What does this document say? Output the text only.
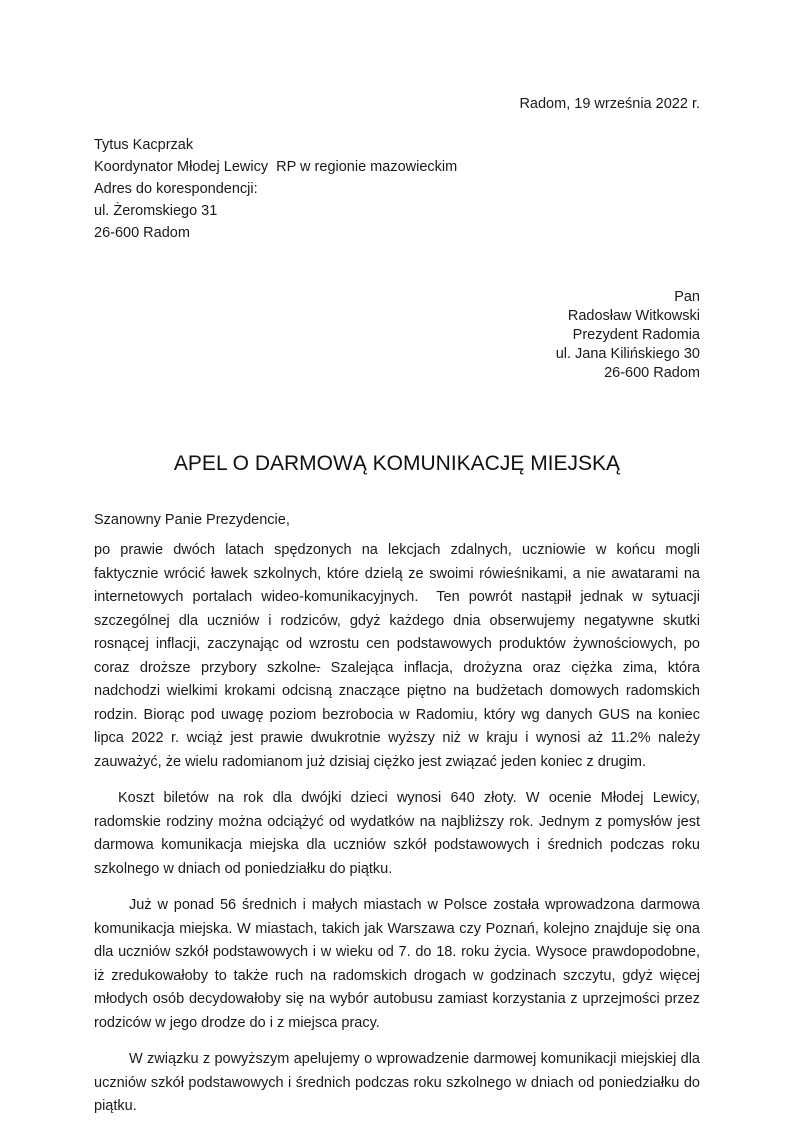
Radom, 19 września 2022 r.
Tytus Kacprzak
Koordynator Młodej Lewicy  RP w regionie mazowieckim
Adres do korespondencji:
ul. Żeromskiego 31
26-600 Radom
Pan
Radosław Witkowski
Prezydent Radomia
ul. Jana Kilińskiego 30
26-600 Radom
APEL O DARMOWĄ KOMUNIKACJĘ MIEJSKĄ
Szanowny Panie Prezydencie,

po prawie dwóch latach spędzonych na lekcjach zdalnych, uczniowie w końcu mogli faktycznie wrócić ławek szkolnych, które dzielą ze swoimi rówieśnikami, a nie awatarami na internetowych portalach wideo-komunikacyjnych.  Ten powrót nastąpił jednak w sytuacji szczególnej dla uczniów i rodziców, gdyż każdego dnia obserwujemy negatywne skutki rosnącej inflacji, zaczynając od wzrostu cen podstawowych produktów żywnościowych, po coraz droższe przybory szkolne. Szalejąca inflacja, drożyzna oraz ciężka zima, która nadchodzi wielkimi krokami odcisną znaczące piętno na budżetach domowych radomskich rodzin. Biorąc pod uwagę poziom bezrobocia w Radomiu, który wg danych GUS na koniec lipca 2022 r. wciąż jest prawie dwukrotnie wyższy niż w kraju i wynosi aż 11.2% należy zauważyć, że wielu radomianom już dzisiaj ciężko jest związać jeden koniec z drugim.

Koszt biletów na rok dla dwójki dzieci wynosi 640 złoty. W ocenie Młodej Lewicy, radomskie rodziny można odciążyć od wydatków na najbliższy rok. Jednym z pomysłów jest darmowa komunikacja miejska dla uczniów szkół podstawowych i średnich podczas roku szkolnego w dniach od poniedziałku do piątku.

Już w ponad 56 średnich i małych miastach w Polsce została wprowadzona darmowa komunikacja miejska. W miastach, takich jak Warszawa czy Poznań, kolejno znajduje się ona dla uczniów szkół podstawowych i w wieku od 7. do 18. roku życia. Wysoce prawdopodobne, iż zredukowałoby to także ruch na radomskich drogach w godzinach szczytu, gdyż więcej młodych osób decydowałoby się na wybór autobusu zamiast korzystania z uprzejmości przez rodziców w jego drodze do i z miejsca pracy.

W związku z powyższym apelujemy o wprowadzenie darmowej komunikacji miejskiej dla uczniów szkół podstawowych i średnich podczas roku szkolnego w dniach od poniedziałku do piątku.
